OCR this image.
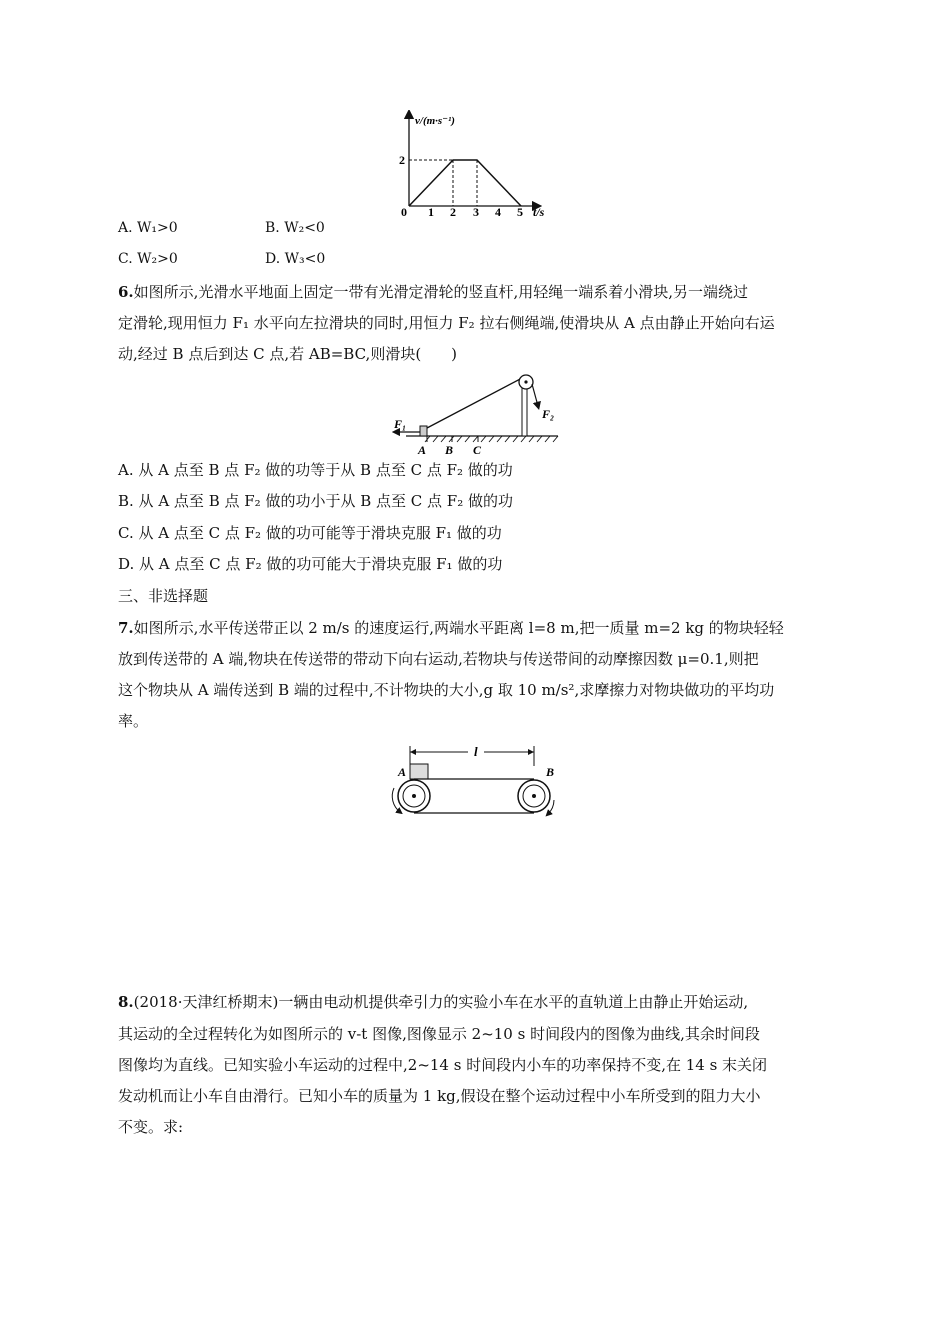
v/(m·s⁻¹)
2
0 1 2 3 4 5 t/s
A. W₁>0	B. W₂<0
C. W₂>0	D. W₃<0
6.如图所示,光滑水平地面上固定一带有光滑定滑轮的竖直杆,用轻绳一端系着小滑块,另一端绕过
定滑轮,现用恒力 F₁ 水平向左拉滑块的同时,用恒力 F₂ 拉右侧绳端,使滑块从 A 点由静止开始向右运
动,经过 B 点后到达 C 点,若 AB=BC,则滑块(　　)
F₁
F₂
A B C
A. 从 A 点至 B 点 F₂ 做的功等于从 B 点至 C 点 F₂ 做的功
B. 从 A 点至 B 点 F₂ 做的功小于从 B 点至 C 点 F₂ 做的功
C. 从 A 点至 C 点 F₂ 做的功可能等于滑块克服 F₁ 做的功
D. 从 A 点至 C 点 F₂ 做的功可能大于滑块克服 F₁ 做的功
三、非选择题
7.如图所示,水平传送带正以 2 m/s 的速度运行,两端水平距离 l=8 m,把一质量 m=2 kg 的物块轻轻
放到传送带的 A 端,物块在传送带的带动下向右运动,若物块与传送带间的动摩擦因数 μ=0.1,则把
这个物块从 A 端传送到 B 端的过程中,不计物块的大小,g 取 10 m/s²,求摩擦力对物块做功的平均功
率。
l
A	B
8.(2018·天津红桥期末)一辆由电动机提供牵引力的实验小车在水平的直轨道上由静止开始运动,
其运动的全过程转化为如图所示的 v-t 图像,图像显示 2~10 s 时间段内的图像为曲线,其余时间段
图像均为直线。已知实验小车运动的过程中,2~14 s 时间段内小车的功率保持不变,在 14 s 末关闭
发动机而让小车自由滑行。已知小车的质量为 1 kg,假设在整个运动过程中小车所受到的阻力大小
不变。求:
